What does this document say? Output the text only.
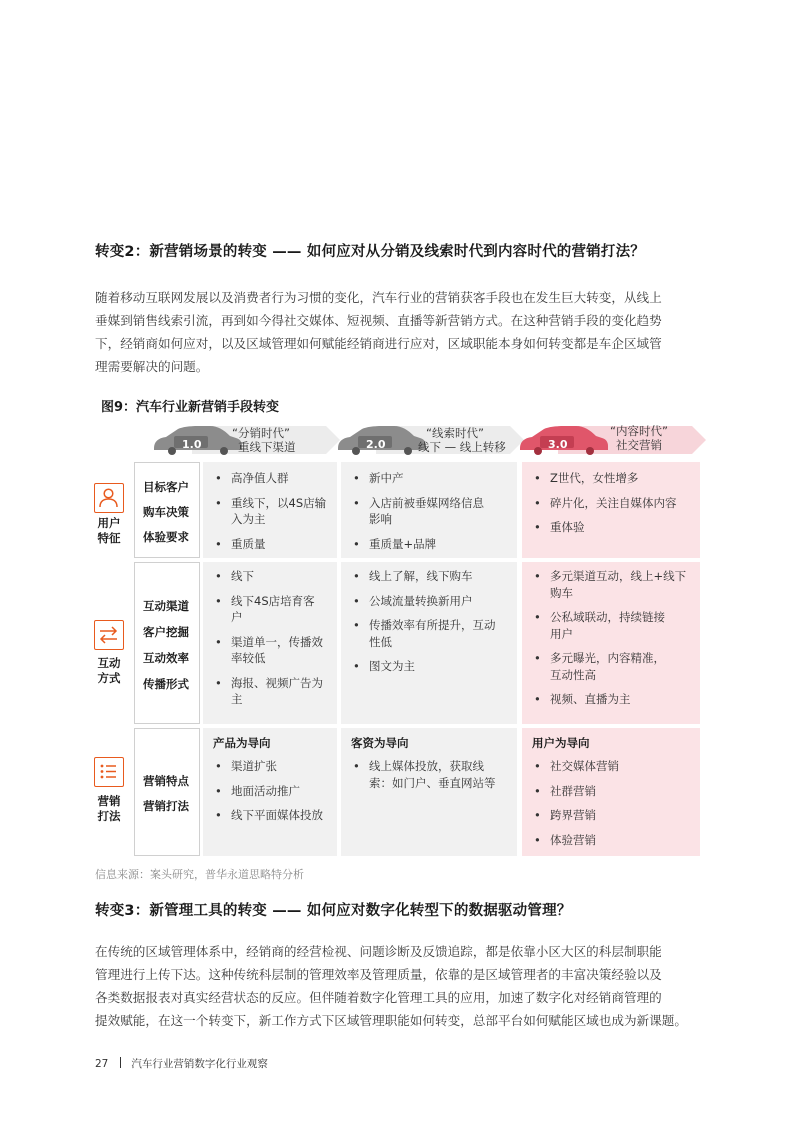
转变2：新营销场景的转变 —— 如何应对从分销及线索时代到内容时代的营销打法？
随着移动互联网发展以及消费者行为习惯的变化，汽车行业的营销获客手段也在发生巨大转变，从线上
垂媒到销售线索引流，再到如今得社交媒体、短视频、直播等新营销方式。在这种营销手段的变化趋势
下，经销商如何应对，以及区域管理如何赋能经销商进行应对，区域职能本身如何转变都是车企区域管
理需要解决的问题。
图9：汽车行业新营销手段转变
1.0
“分销时代”
重线下渠道	2.0
“线索时代”
线下 — 线上转移	3.0
“内容时代”
社交营销
用户
特征
目标客户
购车决策
体验要求
• 高净值人群
• 重线下，以4S店输入为主
• 重质量
• 新中产
• 入店前被垂媒网络信息影响
• 重质量+品牌
• Z世代，女性增多
• 碎片化，关注自媒体内容
• 重体验
互动
方式
互动渠道
客户挖掘
互动效率
传播形式
• 线下
• 线下4S店培育客户
• 渠道单一，传播效率较低
• 海报、视频广告为主
• 线上了解，线下购车
• 公域流量转换新用户
• 传播效率有所提升，互动性低
• 图文为主
• 多元渠道互动，线上+线下购车
• 公私域联动，持续链接用户
• 多元曝光，内容精准，互动性高
• 视频、直播为主
营销
打法
营销特点
营销打法
产品为导向
• 渠道扩张
• 地面活动推广
• 线下平面媒体投放
客资为导向
• 线上媒体投放，获取线索：如门户、垂直网站等
用户为导向
• 社交媒体营销
• 社群营销
• 跨界营销
• 体验营销
信息来源：案头研究，普华永道思略特分析
转变3：新管理工具的转变 —— 如何应对数字化转型下的数据驱动管理？
在传统的区域管理体系中，经销商的经营检视、问题诊断及反馈追踪，都是依靠小区大区的科层制职能
管理进行上传下达。这种传统科层制的管理效率及管理质量，依靠的是区域管理者的丰富决策经验以及
各类数据报表对真实经营状态的反应。但伴随着数字化管理工具的应用，加速了数字化对经销商管理的
提效赋能，在这一个转变下，新工作方式下区域管理职能如何转变，总部平台如何赋能区域也成为新课题。
27 汽车行业营销数字化行业观察
